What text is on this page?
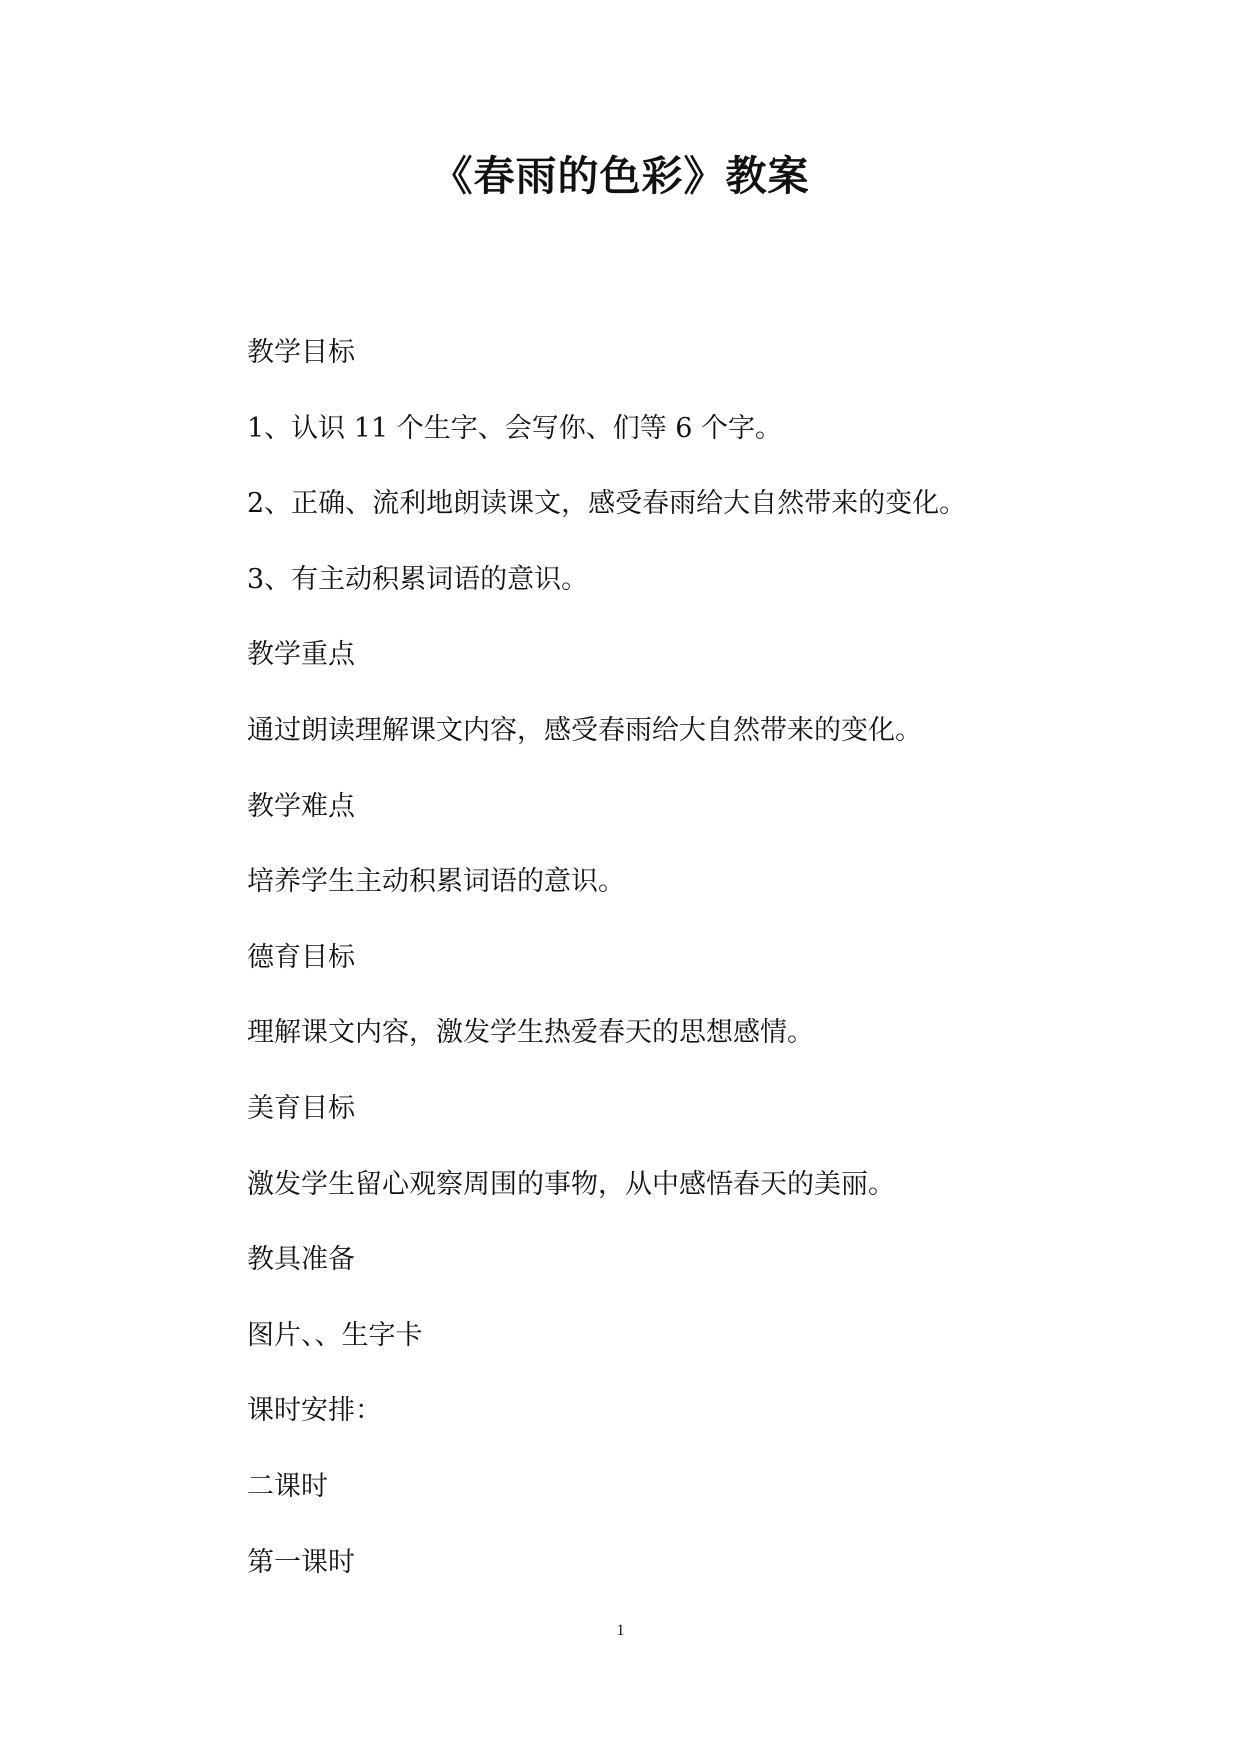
《春雨的色彩》教案
教学目标
1、认识 11 个生字、会写你、们等 6 个字。
2、正确、流利地朗读课文，感受春雨给大自然带来的变化。
3、有主动积累词语的意识。
教学重点
通过朗读理解课文内容，感受春雨给大自然带来的变化。
教学难点
培养学生主动积累词语的意识。
德育目标
理解课文内容，激发学生热爱春天的思想感情。
美育目标
激发学生留心观察周围的事物，从中感悟春天的美丽。
教具准备
图片、、生字卡
课时安排：
二课时
第一课时
1
